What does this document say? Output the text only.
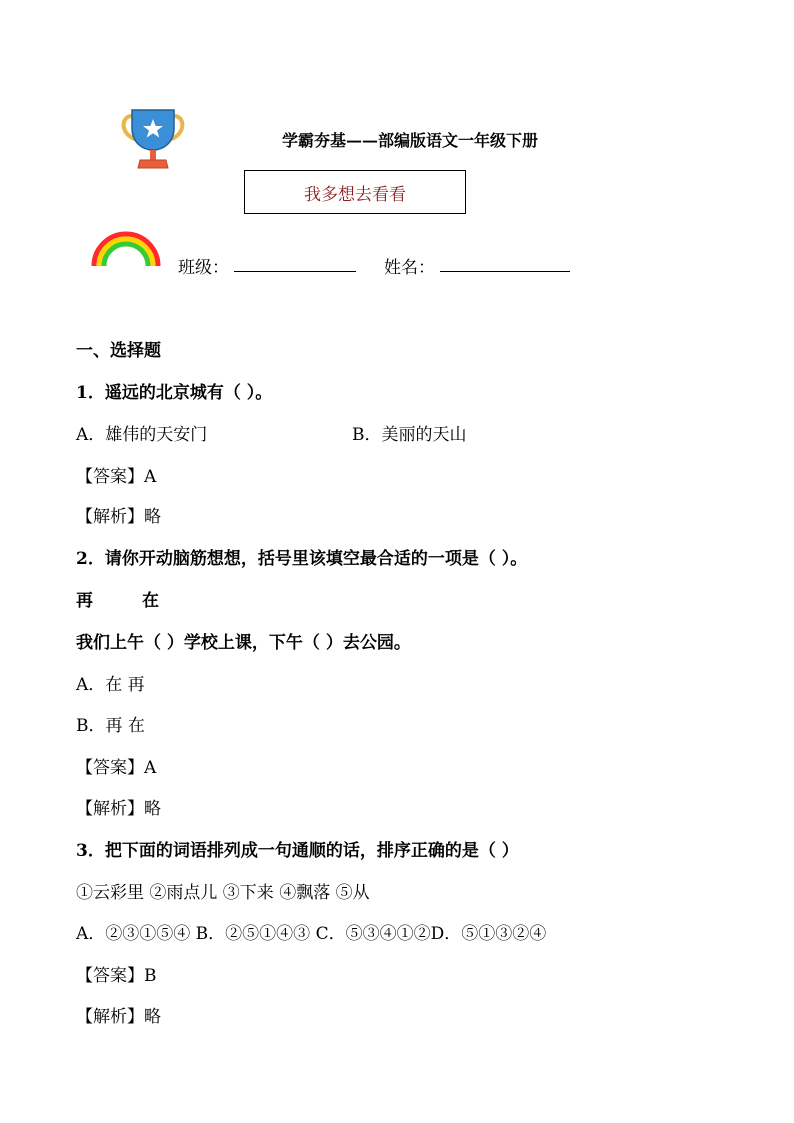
学霸夯基——部编版语文一年级下册
我多想去看看
班级：	姓名：
一、选择题
1．遥远的北京城有（ ）。
A．雄伟的天安门	B．美丽的天山
【答案】A
【解析】略
2．请你开动脑筋想想，括号里该填空最合适的一项是（ ）。
再	在
我们上午（ ）学校上课，下午（ ）去公园。
A．在 再
B．再 在
【答案】A
【解析】略
3．把下面的词语排列成一句通顺的话，排序正确的是（ ）
①云彩里 ②雨点儿 ③下来 ④飘落 ⑤从
A．②③①⑤④ B．②⑤①④③ C．⑤③④①②D．⑤①③②④
【答案】B
【解析】略
